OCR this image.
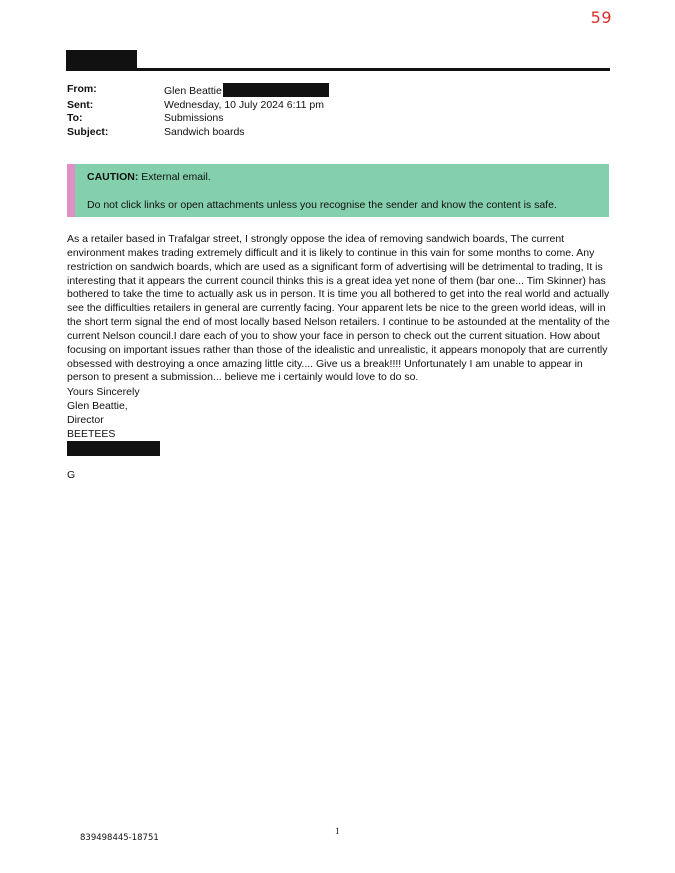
59
From:	Glen Beattie
Sent:	Wednesday, 10 July 2024 6:11 pm
To:	Submissions
Subject:	Sandwich boards
CAUTION: External email.
Do not click links or open attachments unless you recognise the sender and know the content is safe.

As a retailer based in Trafalgar street, I strongly oppose the idea of removing sandwich boards, The current environment makes trading extremely difficult and it is likely to continue in this vain for some months to come. Any restriction on sandwich boards, which are used as a significant form of advertising will be detrimental to trading, It is interesting that it appears the current council thinks this is a great idea yet none of them (bar one... Tim Skinner) has bothered to take the time to actually ask us in person. It is time you all bothered to get into the real world and actually see the difficulties retailers in general are currently facing. Your apparent lets be nice to the green world ideas, will in the short term signal the end of most locally based Nelson retailers. I continue to be astounded at the mentality of the current Nelson council.I dare each of you to show your face in person to check out the current situation. How about focusing on important issues rather than those of the idealistic and unrealistic, it appears monopoly that are currently obsessed with destroying a once amazing little city.... Give us a break!!!! Unfortunately I am unable to appear in person to present a submission... believe me i certainly would love to do so.

Yours Sincerely
Glen Beattie,
Director
BEETEES
G
1
839498445-18751
